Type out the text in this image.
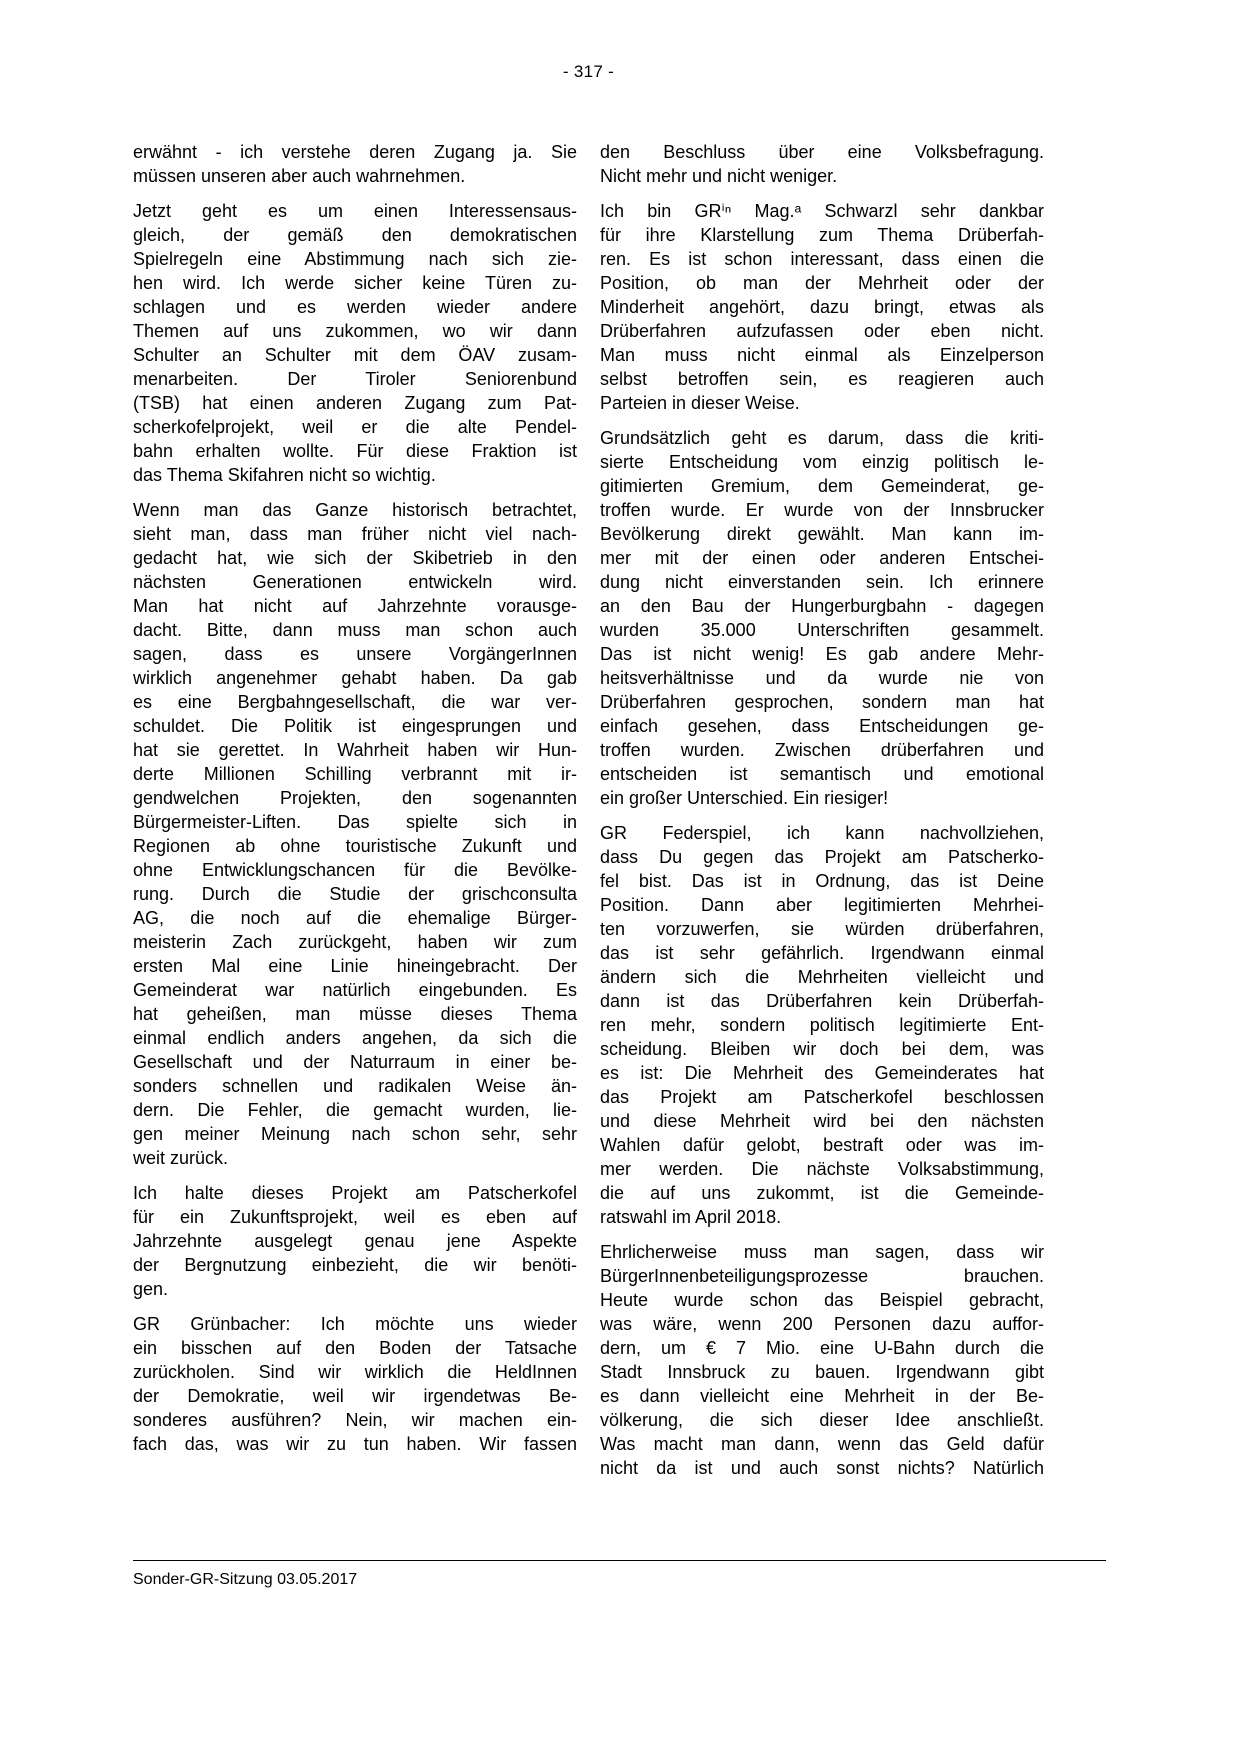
- 317 -
erwähnt - ich verstehe deren Zugang ja. Sie
müssen unseren aber auch wahrnehmen.
Jetzt geht es um einen Interessensaus-
gleich, der gemäß den demokratischen
Spielregeln eine Abstimmung nach sich zie-
hen wird. Ich werde sicher keine Türen zu-
schlagen und es werden wieder andere
Themen auf uns zukommen, wo wir dann
Schulter an Schulter mit dem ÖAV zusam-
menarbeiten. Der Tiroler Seniorenbund
(TSB) hat einen anderen Zugang zum Pat-
scherkofelprojekt, weil er die alte Pendel-
bahn erhalten wollte. Für diese Fraktion ist
das Thema Skifahren nicht so wichtig.
Wenn man das Ganze historisch betrachtet,
sieht man, dass man früher nicht viel nach-
gedacht hat, wie sich der Skibetrieb in den
nächsten Generationen entwickeln wird.
Man hat nicht auf Jahrzehnte vorausge-
dacht. Bitte, dann muss man schon auch
sagen, dass es unsere VorgängerInnen
wirklich angenehmer gehabt haben. Da gab
es eine Bergbahngesellschaft, die war ver-
schuldet. Die Politik ist eingesprungen und
hat sie gerettet. In Wahrheit haben wir Hun-
derte Millionen Schilling verbrannt mit ir-
gendwelchen Projekten, den sogenannten
Bürgermeister-Liften. Das spielte sich in
Regionen ab ohne touristische Zukunft und
ohne Entwicklungschancen für die Bevölke-
rung. Durch die Studie der grischconsulta
AG, die noch auf die ehemalige Bürger-
meisterin Zach zurückgeht, haben wir zum
ersten Mal eine Linie hineingebracht. Der
Gemeinderat war natürlich eingebunden. Es
hat geheißen, man müsse dieses Thema
einmal endlich anders angehen, da sich die
Gesellschaft und der Naturraum in einer be-
sonders schnellen und radikalen Weise än-
dern. Die Fehler, die gemacht wurden, lie-
gen meiner Meinung nach schon sehr, sehr
weit zurück.
Ich halte dieses Projekt am Patscherkofel
für ein Zukunftsprojekt, weil es eben auf
Jahrzehnte ausgelegt genau jene Aspekte
der Bergnutzung einbezieht, die wir benöti-
gen.
GR Grünbacher: Ich möchte uns wieder
ein bisschen auf den Boden der Tatsache
zurückholen. Sind wir wirklich die HeldInnen
der Demokratie, weil wir irgendetwas Be-
sonderes ausführen? Nein, wir machen ein-
fach das, was wir zu tun haben. Wir fassen
den Beschluss über eine Volksbefragung.
Nicht mehr und nicht weniger.
Ich bin GRⁱⁿ Mag.ᵃ Schwarzl sehr dankbar
für ihre Klarstellung zum Thema Drüberfah-
ren. Es ist schon interessant, dass einen die
Position, ob man der Mehrheit oder der
Minderheit angehört, dazu bringt, etwas als
Drüberfahren aufzufassen oder eben nicht.
Man muss nicht einmal als Einzelperson
selbst betroffen sein, es reagieren auch
Parteien in dieser Weise.
Grundsätzlich geht es darum, dass die kriti-
sierte Entscheidung vom einzig politisch le-
gitimierten Gremium, dem Gemeinderat, ge-
troffen wurde. Er wurde von der Innsbrucker
Bevölkerung direkt gewählt. Man kann im-
mer mit der einen oder anderen Entschei-
dung nicht einverstanden sein. Ich erinnere
an den Bau der Hungerburgbahn - dagegen
wurden 35.000 Unterschriften gesammelt.
Das ist nicht wenig! Es gab andere Mehr-
heitsverhältnisse und da wurde nie von
Drüberfahren gesprochen, sondern man hat
einfach gesehen, dass Entscheidungen ge-
troffen wurden. Zwischen drüberfahren und
entscheiden ist semantisch und emotional
ein großer Unterschied. Ein riesiger!
GR Federspiel, ich kann nachvollziehen,
dass Du gegen das Projekt am Patscherko-
fel bist. Das ist in Ordnung, das ist Deine
Position. Dann aber legitimierten Mehrhei-
ten vorzuwerfen, sie würden drüberfahren,
das ist sehr gefährlich. Irgendwann einmal
ändern sich die Mehrheiten vielleicht und
dann ist das Drüberfahren kein Drüberfah-
ren mehr, sondern politisch legitimierte Ent-
scheidung. Bleiben wir doch bei dem, was
es ist: Die Mehrheit des Gemeinderates hat
das Projekt am Patscherkofel beschlossen
und diese Mehrheit wird bei den nächsten
Wahlen dafür gelobt, bestraft oder was im-
mer werden. Die nächste Volksabstimmung,
die auf uns zukommt, ist die Gemeinde-
ratswahl im April 2018.
Ehrlicherweise muss man sagen, dass wir
BürgerInnenbeteiligungsprozesse brauchen.
Heute wurde schon das Beispiel gebracht,
was wäre, wenn 200 Personen dazu auffor-
dern, um € 7 Mio. eine U-Bahn durch die
Stadt Innsbruck zu bauen. Irgendwann gibt
es dann vielleicht eine Mehrheit in der Be-
völkerung, die sich dieser Idee anschließt.
Was macht man dann, wenn das Geld dafür
nicht da ist und auch sonst nichts? Natürlich
Sonder-GR-Sitzung 03.05.2017
